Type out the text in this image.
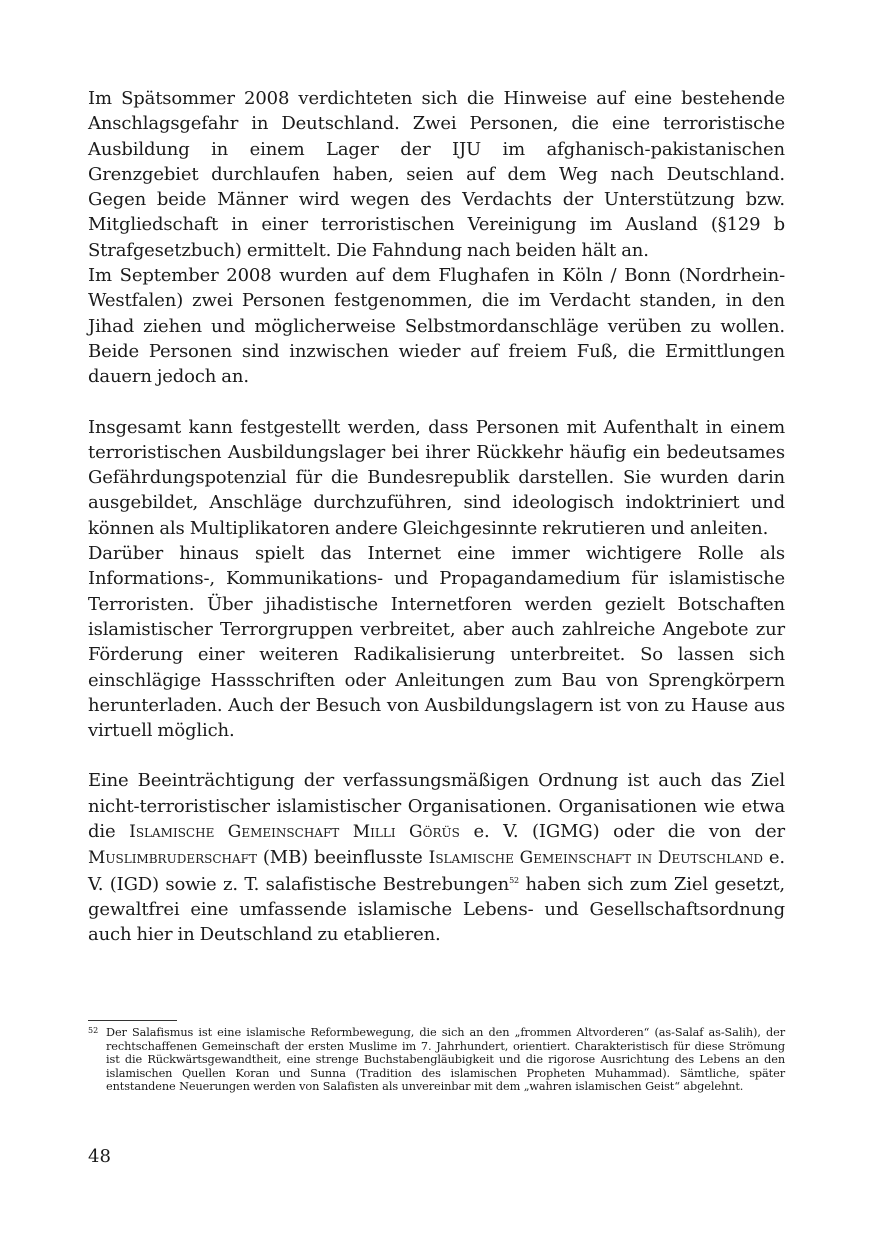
Im Spätsommer 2008 verdichteten sich die Hinweise auf eine bestehende Anschlagsgefahr in Deutschland. Zwei Personen, die eine terroristische Ausbildung in einem Lager der IJU im afghanisch-pakistanischen Grenzgebiet durchlaufen haben, seien auf dem Weg nach Deutschland. Gegen beide Männer wird wegen des Verdachts der Unterstützung bzw. Mitgliedschaft in einer terroristischen Vereinigung im Ausland (§129 b Strafgesetzbuch) ermittelt. Die Fahndung nach beiden hält an.

Im September 2008 wurden auf dem Flughafen in Köln / Bonn (Nordrhein-Westfalen) zwei Personen festgenommen, die im Verdacht standen, in den Jihad ziehen und möglicherweise Selbstmordanschläge verüben zu wollen. Beide Personen sind inzwischen wieder auf freiem Fuß, die Ermittlungen dauern jedoch an.

Insgesamt kann festgestellt werden, dass Personen mit Aufenthalt in einem terroristischen Ausbildungslager bei ihrer Rückkehr häufig ein bedeutsames Gefährdungspotenzial für die Bundesrepublik darstellen. Sie wurden darin ausgebildet, Anschläge durchzuführen, sind ideologisch indoktriniert und können als Multiplikatoren andere Gleichgesinnte rekrutieren und anleiten.

Darüber hinaus spielt das Internet eine immer wichtigere Rolle als Informations-, Kommunikations- und Propagandamedium für islamistische Terroristen. Über jihadistische Internetforen werden gezielt Botschaften islamistischer Terrorgruppen verbreitet, aber auch zahlreiche Angebote zur Förderung einer weiteren Radikalisierung unterbreitet. So lassen sich einschlägige Hassschriften oder Anleitungen zum Bau von Sprengkörpern herunterladen. Auch der Besuch von Ausbildungslagern ist von zu Hause aus virtuell möglich.

Eine Beeinträchtigung der verfassungsmäßigen Ordnung ist auch das Ziel nicht-terroristischer islamistischer Organisationen. Organisationen wie etwa die Islamische Gemeinschaft Milli Görüs e. V. (IGMG) oder die von der Muslimbruderschaft (MB) beeinflusste Islamische Gemeinschaft in Deutschland e. V. (IGD) sowie z. T. salafistische Bestrebungen$^{52}$ haben sich zum Ziel gesetzt, gewaltfrei eine umfassende islamische Lebens- und Gesellschaftsordnung auch hier in Deutschland zu etablieren.

52 Der Salafismus ist eine islamische Reformbewegung, die sich an den „frommen Altvorderen“ (as-Salaf as-Salih), der rechtschaffenen Gemeinschaft der ersten Muslime im 7. Jahrhundert, orientiert. Charakteristisch für diese Strömung ist die Rückwärtsgewandtheit, eine strenge Buchstabengläubigkeit und die rigorose Ausrichtung des Lebens an den islamischen Quellen Koran und Sunna (Tradition des islamischen Propheten Muhammad). Sämtliche, später entstandene Neuerungen werden von Salafisten als unvereinbar mit dem „wahren islamischen Geist“ abgelehnt.

48
